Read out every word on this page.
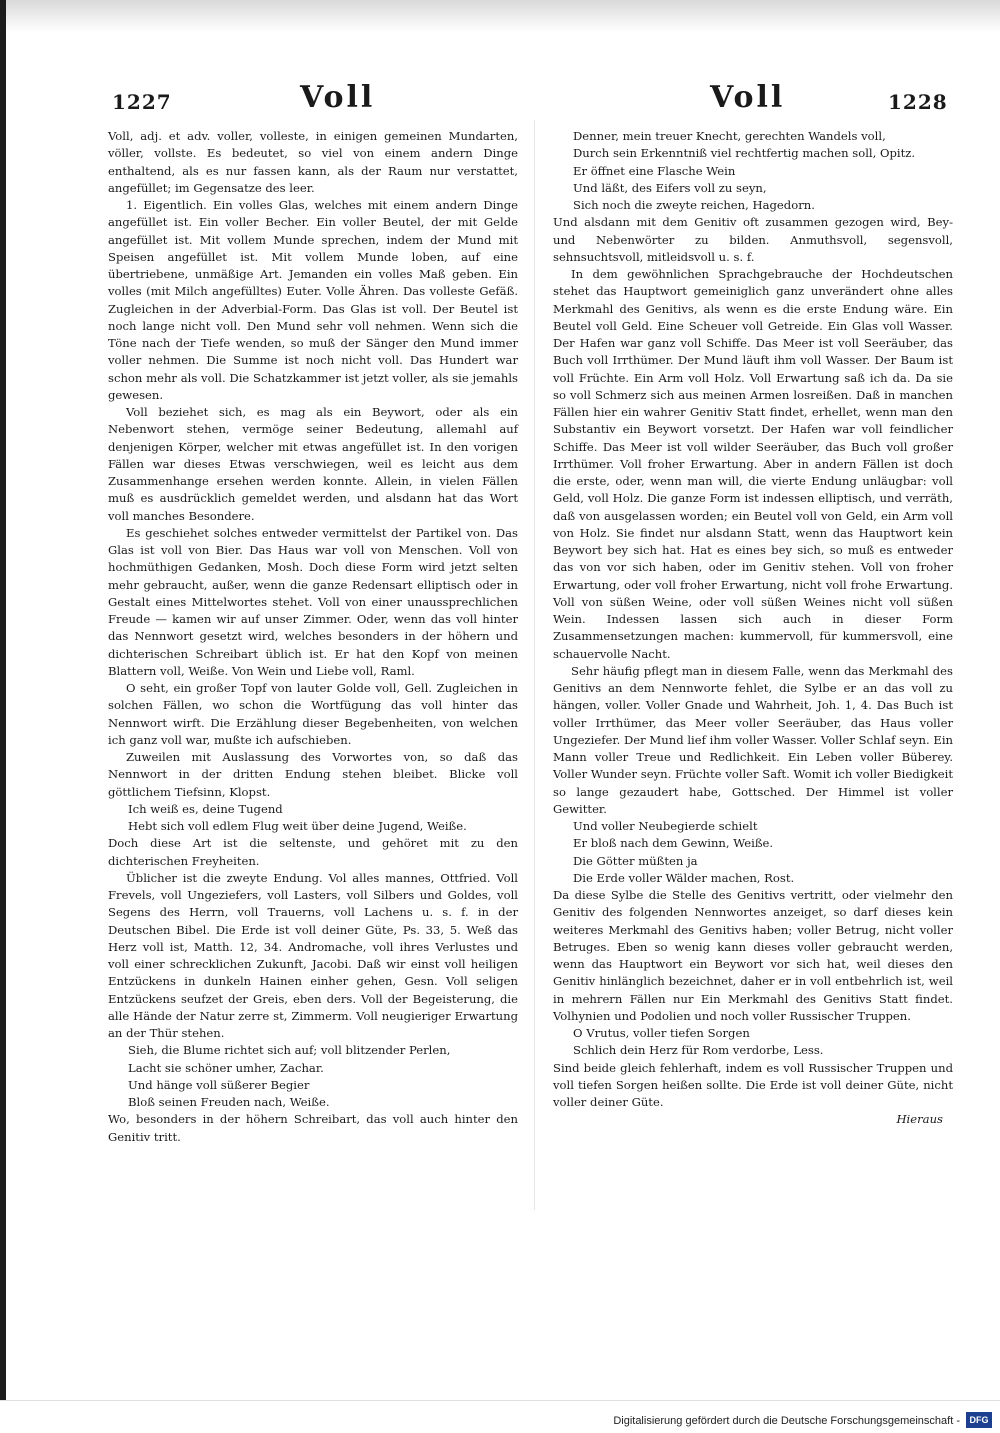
1227	Voll	Voll	1228

Voll, adj. et adv. voller, volleste, in einigen gemeinen Mundarten, völler, vollste. Es bedeutet, so viel von einem andern Dinge enthaltend, als es nur fassen kann, als der Raum nur verstattet, angefüllet; im Gegensatze des leer.

1. Eigentlich. Ein volles Glas, welches mit einem andern Dinge angefüllet ist. Ein voller Becher. Ein voller Beutel, der mit Gelde angefüllet ist. Mit vollem Munde sprechen, indem der Mund mit Speisen angefüllet ist. Mit vollem Munde loben, auf eine übertriebene, unmäßige Art. Jemanden ein volles Maß geben. Ein volles (mit Milch angefülltes) Euter. Volle Ähren. Das volleste Gefäß. Zugleichen in der Adverbial-Form. Das Glas ist voll. Der Beutel ist noch lange nicht voll. Den Mund sehr voll nehmen. Wenn sich die Töne nach der Tiefe wenden, so muß der Sänger den Mund immer voller nehmen. Die Summe ist noch nicht voll. Das Hundert war schon mehr als voll. Die Schatzkammer ist jetzt voller, als sie jemahls gewesen.

Voll beziehet sich, es mag als ein Beywort, oder als ein Nebenwort stehen, vermöge seiner Bedeutung, allemahl auf denjenigen Körper, welcher mit etwas angefüllet ist. In den vorigen Fällen war dieses Etwas verschwiegen, weil es leicht aus dem Zusammenhange ersehen werden konnte. Allein, in vielen Fällen muß es ausdrücklich gemeldet werden, und alsdann hat das Wort voll manches Besondere.

Es geschiehet solches entweder vermittelst der Partikel von. Das Glas ist voll von Bier. Das Haus war voll von Menschen. Voll von hochmüthigen Gedanken, Mosh. Doch diese Form wird jetzt selten mehr gebraucht, außer, wenn die ganze Redensart elliptisch oder in Gestalt eines Mittelwortes stehet. Voll von einer unaussprechlichen Freude — kamen wir auf unser Zimmer. Oder, wenn das voll hinter das Nennwort gesetzt wird, welches besonders in der höhern und dichterischen Schreibart üblich ist. Er hat den Kopf von meinen Blattern voll, Weiße. Von Wein und Liebe voll, Raml.

O seht, ein großer Topf von lauter Golde voll, Gell. Zugleichen in solchen Fällen, wo schon die Wortfügung das voll hinter das Nennwort wirft. Die Erzählung dieser Begebenheiten, von welchen ich ganz voll war, mußte ich aufschieben.

Zuweilen mit Auslassung des Vorwortes von, so daß das Nennwort in der dritten Endung stehen bleibet. Blicke voll göttlichem Tiefsinn, Klopst.

Ich weiß es, deine Tugend

Hebt sich voll edlem Flug weit über deine Jugend, Weiße.

Doch diese Art ist die seltenste, und gehöret mit zu den dichterischen Freyheiten.

Üblicher ist die zweyte Endung. Vol alles mannes, Ottfried. Voll Frevels, voll Ungeziefers, voll Lasters, voll Silbers und Goldes, voll Segens des Herrn, voll Trauerns, voll Lachens u. s. f. in der Deutschen Bibel. Die Erde ist voll deiner Güte, Ps. 33, 5. Weß das Herz voll ist, Matth. 12, 34. Andromache, voll ihres Verlustes und voll einer schrecklichen Zukunft, Jacobi. Daß wir einst voll heiligen Entzückens in dunkeln Hainen einher gehen, Gesn. Voll seligen Entzückens seufzet der Greis, eben ders. Voll der Begeisterung, die alle Hände der Natur zerre st, Zimmerm. Voll neugieriger Erwartung an der Thür stehen.

Sieh, die Blume richtet sich auf; voll blitzender Perlen,

Lacht sie schöner umher, Zachar.

Und hänge voll süßerer Begier

Bloß seinen Freuden nach, Weiße.

Wo, besonders in der höhern Schreibart, das voll auch hinter den Genitiv tritt.

Denner, mein treuer Knecht, gerechten Wandels voll,

Durch sein Erkenntniß viel rechtfertig machen soll, Opitz.

Er öffnet eine Flasche Wein

Und läßt, des Eifers voll zu seyn,

Sich noch die zweyte reichen, Hagedorn.

Und alsdann mit dem Genitiv oft zusammen gezogen wird, Bey- und Nebenwörter zu bilden. Anmuthsvoll, segensvoll, sehnsuchtsvoll, mitleidsvoll u. s. f.

In dem gewöhnlichen Sprachgebrauche der Hochdeutschen stehet das Hauptwort gemeiniglich ganz unverändert ohne alles Merkmahl des Genitivs, als wenn es die erste Endung wäre. Ein Beutel voll Geld. Eine Scheuer voll Getreide. Ein Glas voll Wasser. Der Hafen war ganz voll Schiffe. Das Meer ist voll Seeräuber, das Buch voll Irrthümer. Der Mund läuft ihm voll Wasser. Der Baum ist voll Früchte. Ein Arm voll Holz. Voll Erwartung saß ich da. Da sie so voll Schmerz sich aus meinen Armen losreißen. Daß in manchen Fällen hier ein wahrer Genitiv Statt findet, erhellet, wenn man den Substantiv ein Beywort vorsetzt. Der Hafen war voll feindlicher Schiffe. Das Meer ist voll wilder Seeräuber, das Buch voll großer Irrthümer. Voll froher Erwartung. Aber in andern Fällen ist doch die erste, oder, wenn man will, die vierte Endung unläugbar: voll Geld, voll Holz. Die ganze Form ist indessen elliptisch, und verräth, daß von ausgelassen worden; ein Beutel voll von Geld, ein Arm voll von Holz. Sie findet nur alsdann Statt, wenn das Hauptwort kein Beywort bey sich hat. Hat es eines bey sich, so muß es entweder das von vor sich haben, oder im Genitiv stehen. Voll von froher Erwartung, oder voll froher Erwartung, nicht voll frohe Erwartung. Voll von süßen Weine, oder voll süßen Weines nicht voll süßen Wein. Indessen lassen sich auch in dieser Form Zusammensetzungen machen: kummervoll, für kummersvoll, eine schauervolle Nacht.

Sehr häufig pflegt man in diesem Falle, wenn das Merkmahl des Genitivs an dem Nennworte fehlet, die Sylbe er an das voll zu hängen, voller. Voller Gnade und Wahrheit, Joh. 1, 4. Das Buch ist voller Irrthümer, das Meer voller Seeräuber, das Haus voller Ungeziefer. Der Mund lief ihm voller Wasser. Voller Schlaf seyn. Ein Mann voller Treue und Redlichkeit. Ein Leben voller Büberey. Voller Wunder seyn. Früchte voller Saft. Womit ich voller Biedigkeit so lange gezaudert habe, Gottsched. Der Himmel ist voller Gewitter.

Und voller Neubegierde schielt

Er bloß nach dem Gewinn, Weiße.

Die Götter müßten ja

Die Erde voller Wälder machen, Rost.

Da diese Sylbe die Stelle des Genitivs vertritt, oder vielmehr den Genitiv des folgenden Nennwortes anzeiget, so darf dieses kein weiteres Merkmahl des Genitivs haben; voller Betrug, nicht voller Betruges. Eben so wenig kann dieses voller gebraucht werden, wenn das Hauptwort ein Beywort vor sich hat, weil dieses den Genitiv hinlänglich bezeichnet, daher er in voll entbehrlich ist, weil in mehrern Fällen nur Ein Merkmahl des Genitivs Statt findet. Volhynien und Podolien und noch voller Russischer Truppen.

O Vrutus, voller tiefen Sorgen

Schlich dein Herz für Rom verdorbe, Less.

Sind beide gleich fehlerhaft, indem es voll Russischer Truppen und voll tiefen Sorgen heißen sollte. Die Erde ist voll deiner Güte, nicht voller deiner Güte.

Hieraus

Digitalisierung gefördert durch die Deutsche Forschungsgemeinschaft -	DFG
